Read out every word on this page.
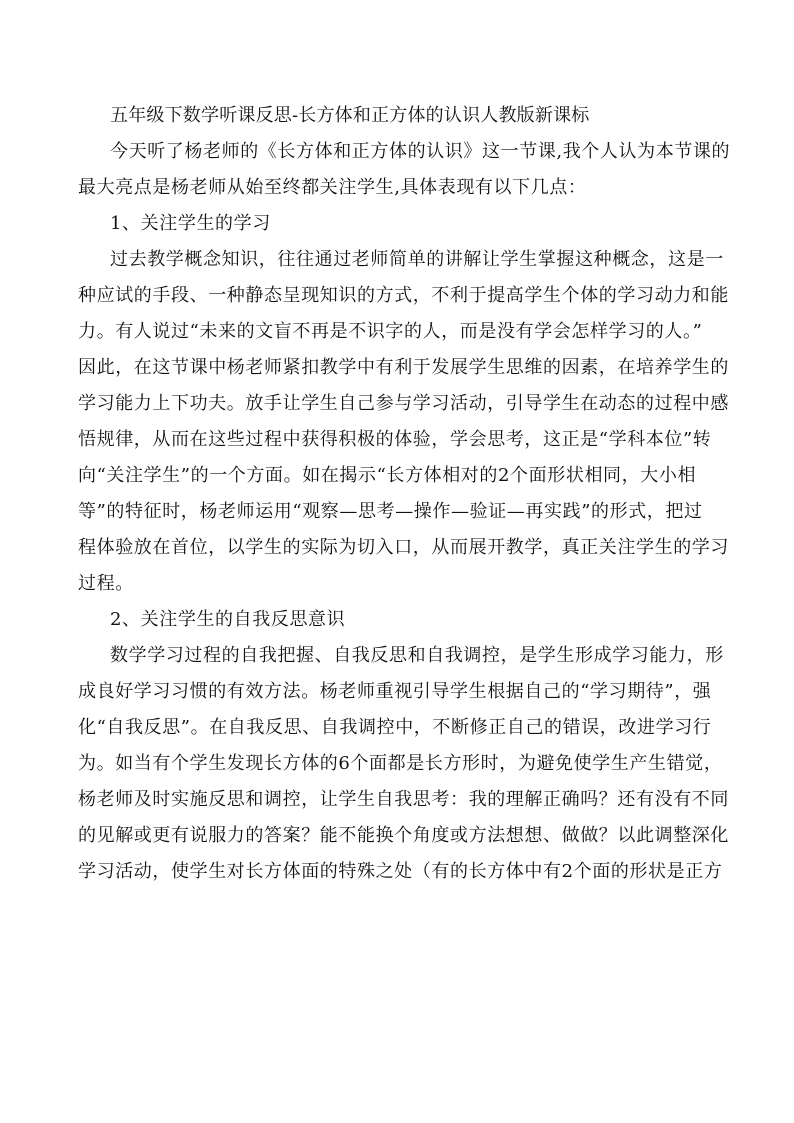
五年级下数学听课反思-长方体和正方体的认识人教版新课标
今天听了杨老师的《长方体和正方体的认识》这一节课,我个人认为本节课的
最大亮点是杨老师从始至终都关注学生,具体表现有以下几点：
1、关注学生的学习
过去教学概念知识，往往通过老师简单的讲解让学生掌握这种概念，这是一
种应试的手段、一种静态呈现知识的方式，不利于提高学生个体的学习动力和能
力。有人说过“未来的文盲不再是不识字的人，而是没有学会怎样学习的人。”
因此，在这节课中杨老师紧扣教学中有利于发展学生思维的因素，在培养学生的
学习能力上下功夫。放手让学生自己参与学习活动，引导学生在动态的过程中感
悟规律，从而在这些过程中获得积极的体验，学会思考，这正是“学科本位”转
向“关注学生”的一个方面。如在揭示“长方体相对的2个面形状相同，大小相
等”的特征时，杨老师运用“观察—思考—操作—验证—再实践”的形式，把过
程体验放在首位，以学生的实际为切入口，从而展开教学，真正关注学生的学习
过程。
2、关注学生的自我反思意识
数学学习过程的自我把握、自我反思和自我调控，是学生形成学习能力，形
成良好学习习惯的有效方法。杨老师重视引导学生根据自己的“学习期待”，强
化“自我反思”。在自我反思、自我调控中，不断修正自己的错误，改进学习行
为。如当有个学生发现长方体的6个面都是长方形时，为避免使学生产生错觉，
杨老师及时实施反思和调控，让学生自我思考：我的理解正确吗？还有没有不同
的见解或更有说服力的答案？能不能换个角度或方法想想、做做？以此调整深化
学习活动，使学生对长方体面的特殊之处（有的长方体中有2个面的形状是正方
